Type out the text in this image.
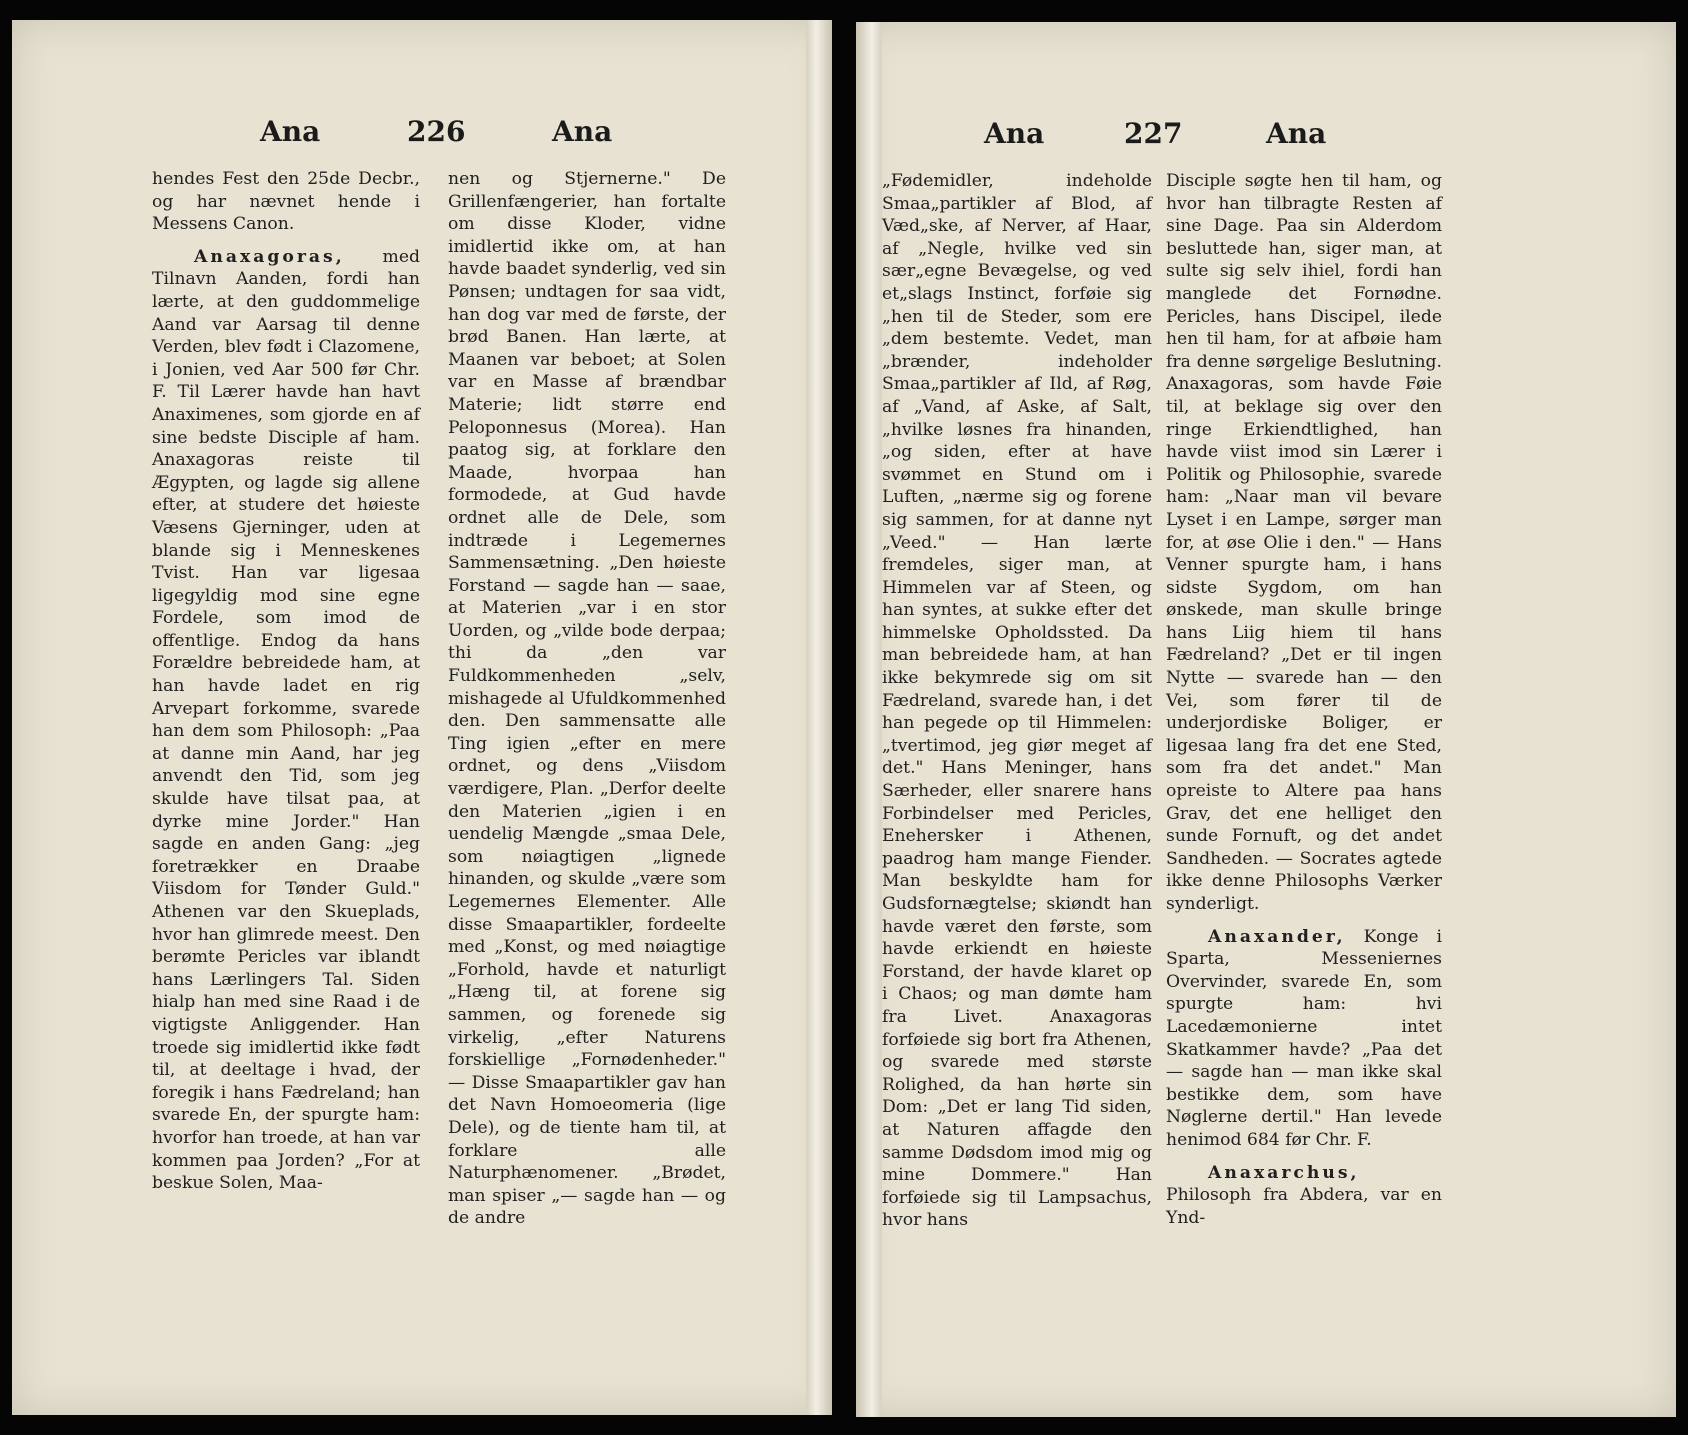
Ana	226	Ana

hendes Fest den 25de Decbr., og har nævnet hende i Messens Canon.

Anaxagoras, med Tilnavn Aanden, fordi han lærte, at den guddommelige Aand var Aarsag til denne Verden, blev født i Clazomene, i Jonien, ved Aar 500 før Chr. F. Til Lærer havde han havt Anaximenes, som gjorde en af sine bedste Disciple af ham. Anaxagoras reiste til Ægypten, og lagde sig allene efter, at studere det høieste Væsens Gjerninger, uden at blande sig i Menneskenes Tvist. Han var ligesaa ligegyldig mod sine egne Fordele, som imod de offentlige. Endog da hans Forældre bebreidede ham, at han havde ladet en rig Arvepart forkomme, svarede han dem som Philosoph: „Paa at danne min Aand, har jeg anvendt den Tid, som jeg skulde have tilsat paa, at dyrke mine Jorder." Han sagde en anden Gang: „jeg foretrækker en Draabe Viisdom for Tønder Guld." Athenen var den Skueplads, hvor han glimrede meest. Den berømte Pericles var iblandt hans Lærlingers Tal. Siden hialp han med sine Raad i de vigtigste Anliggender. Han troede sig imidlertid ikke født til, at deeltage i hvad, der foregik i hans Fædreland; han svarede En, der spurgte ham: hvorfor han troede, at han var kommen paa Jorden? „For at beskue Solen, Maa-

nen og Stjernerne." De Grillenfængerier, han fortalte om disse Kloder, vidne imidlertid ikke om, at han havde baadet synderlig, ved sin Pønsen; undtagen for saa vidt, han dog var med de første, der brød Banen. Han lærte, at Maanen var beboet; at Solen var en Masse af brændbar Materie; lidt større end Peloponnesus (Morea). Han paatog sig, at forklare den Maade, hvorpaa han formodede, at Gud havde ordnet alle de Dele, som indtræde i Legemernes Sammensætning. „Den høieste Forstand — sagde han — saae, at Materien „var i en stor Uorden, og „vilde bode derpaa; thi da „den var Fuldkommenheden „selv, mishagede al Ufuldkommenhed den. Den sammensatte alle Ting igien „efter en mere ordnet, og dens „Viisdom værdigere, Plan. „Derfor deelte den Materien „igien i en uendelig Mængde „smaa Dele, som nøiagtigen „lignede hinanden, og skulde „være som Legemernes Elementer. Alle disse Smaapartikler, fordeelte med „Konst, og med nøiagtige „Forhold, havde et naturligt „Hæng til, at forene sig sammen, og forenede sig virkelig, „efter Naturens forskiellige „Fornødenheder." — Disse Smaapartikler gav han det Navn Homoeomeria (lige Dele), og de tiente ham til, at forklare alle Naturphænomener. „Brødet, man spiser „— sagde han — og de andre

Ana	227	Ana

„Fødemidler, indeholde Smaa„partikler af Blod, af Væd„ske, af Nerver, af Haar, af „Negle, hvilke ved sin sær„egne Bevægelse, og ved et„slags Instinct, forføie sig „hen til de Steder, som ere „dem bestemte. Vedet, man „brænder, indeholder Smaa„partikler af Ild, af Røg, af „Vand, af Aske, af Salt, „hvilke løsnes fra hinanden, „og siden, efter at have svømmet en Stund om i Luften, „nærme sig og forene sig sammen, for at danne nyt „Veed." — Han lærte fremdeles, siger man, at Himmelen var af Steen, og han syntes, at sukke efter det himmelske Opholdssted. Da man bebreidede ham, at han ikke bekymrede sig om sit Fædreland, svarede han, i det han pegede op til Himmelen: „tvertimod, jeg giør meget af det." Hans Meninger, hans Særheder, eller snarere hans Forbindelser med Pericles, Enehersker i Athenen, paadrog ham mange Fiender. Man beskyldte ham for Gudsfornægtelse; skiøndt han havde været den første, som havde erkiendt en høieste Forstand, der havde klaret op i Chaos; og man dømte ham fra Livet. Anaxagoras forføiede sig bort fra Athenen, og svarede med største Rolighed, da han hørte sin Dom: „Det er lang Tid siden, at Naturen affagde den samme Dødsdom imod mig og mine Dommere." Han forføiede sig til Lampsachus, hvor hans

Disciple søgte hen til ham, og hvor han tilbragte Resten af sine Dage. Paa sin Alderdom besluttede han, siger man, at sulte sig selv ihiel, fordi han manglede det Fornødne. Pericles, hans Discipel, ilede hen til ham, for at afbøie ham fra denne sørgelige Beslutning. Anaxagoras, som havde Føie til, at beklage sig over den ringe Erkiendtlighed, han havde viist imod sin Lærer i Politik og Philosophie, svarede ham: „Naar man vil bevare Lyset i en Lampe, sørger man for, at øse Olie i den." — Hans Venner spurgte ham, i hans sidste Sygdom, om han ønskede, man skulle bringe hans Liig hiem til hans Fædreland? „Det er til ingen Nytte — svarede han — den Vei, som fører til de underjordiske Boliger, er ligesaa lang fra det ene Sted, som fra det andet." Man opreiste to Altere paa hans Grav, det ene helliget den sunde Fornuft, og det andet Sandheden. — Socrates agtede ikke denne Philosophs Værker synderligt.

Anaxander, Konge i Sparta, Messeniernes Overvinder, svarede En, som spurgte ham: hvi Lacedæmonierne intet Skatkammer havde? „Paa det — sagde han — man ikke skal bestikke dem, som have Nøglerne dertil." Han levede henimod 684 før Chr. F.

Anaxarchus, Philosoph fra Abdera, var en Ynd-
